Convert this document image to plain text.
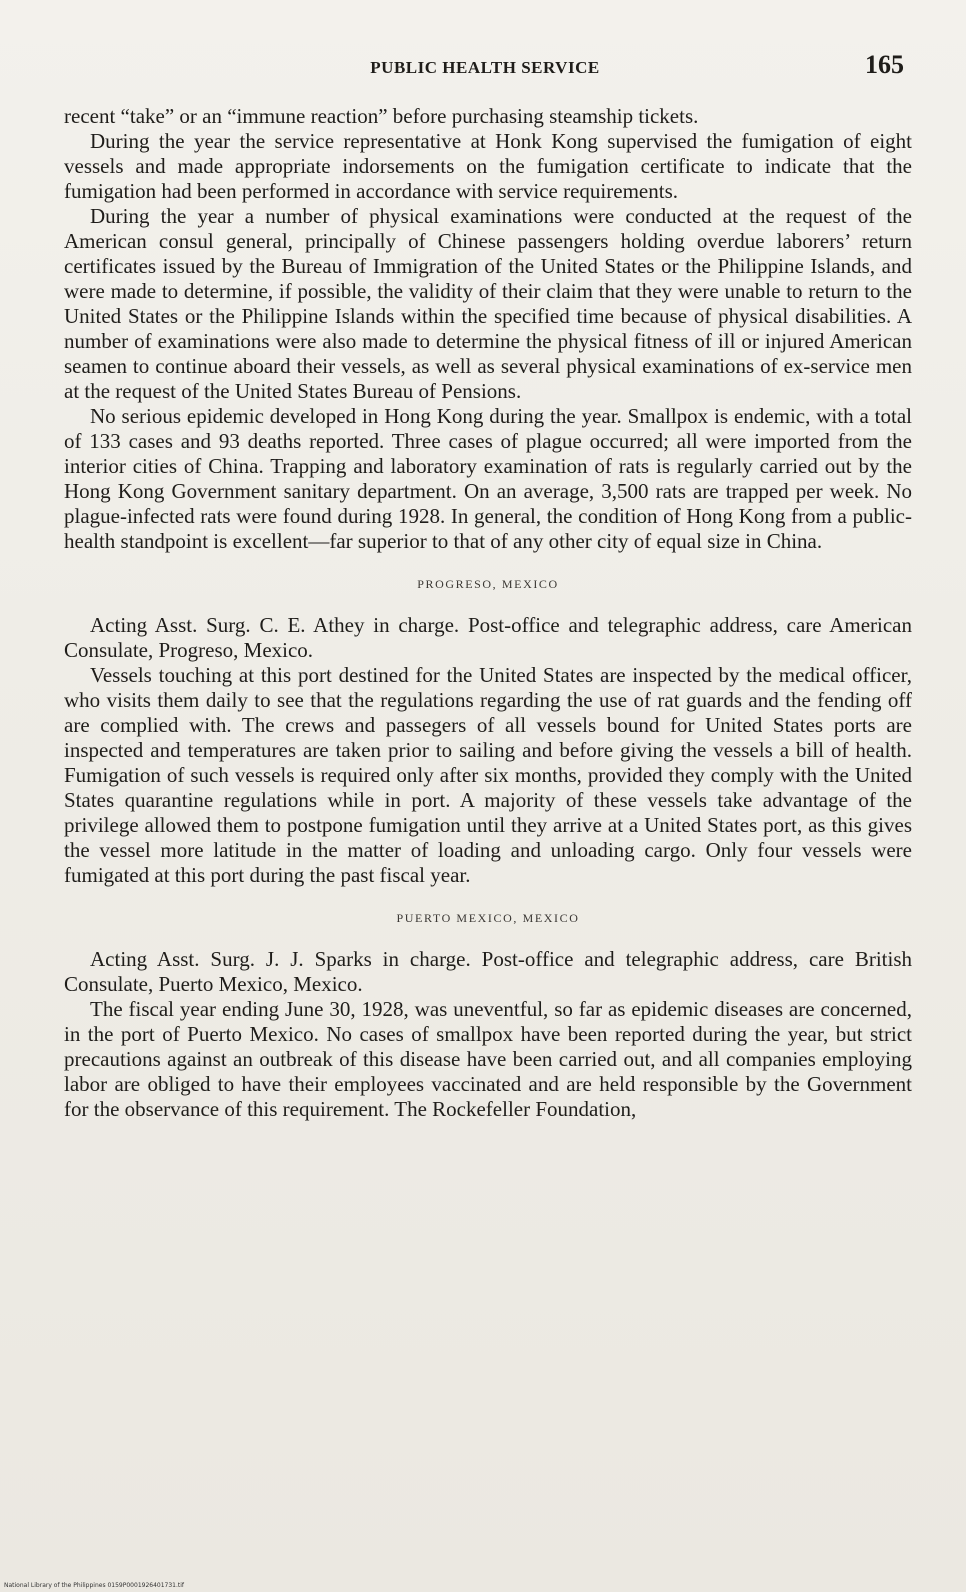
PUBLIC HEALTH SERVICE	165

recent “take” or an “immune reaction” before purchasing steamship tickets.

During the year the service representative at Honk Kong supervised the fumigation of eight vessels and made appropriate indorsements on the fumigation certificate to indicate that the fumigation had been performed in accordance with service requirements.

During the year a number of physical examinations were conducted at the request of the American consul general, principally of Chinese passengers holding overdue laborers’ return certificates issued by the Bureau of Immigration of the United States or the Philippine Islands, and were made to determine, if possible, the validity of their claim that they were unable to return to the United States or the Philippine Islands within the specified time because of physical disabilities. A number of examinations were also made to determine the physical fitness of ill or injured American seamen to continue aboard their vessels, as well as several physical examinations of ex-service men at the request of the United States Bureau of Pensions.

No serious epidemic developed in Hong Kong during the year. Smallpox is endemic, with a total of 133 cases and 93 deaths reported. Three cases of plague occurred; all were imported from the interior cities of China. Trapping and laboratory examination of rats is regularly carried out by the Hong Kong Government sanitary department. On an average, 3,500 rats are trapped per week. No plague-infected rats were found during 1928. In general, the condition of Hong Kong from a public-health standpoint is excellent—far superior to that of any other city of equal size in China.

PROGRESO, MEXICO

Acting Asst. Surg. C. E. Athey in charge. Post-office and telegraphic address, care American Consulate, Progreso, Mexico.

Vessels touching at this port destined for the United States are inspected by the medical officer, who visits them daily to see that the regulations regarding the use of rat guards and the fending off are complied with. The crews and passegers of all vessels bound for United States ports are inspected and temperatures are taken prior to sailing and before giving the vessels a bill of health. Fumigation of such vessels is required only after six months, provided they comply with the United States quarantine regulations while in port. A majority of these vessels take advantage of the privilege allowed them to postpone fumigation until they arrive at a United States port, as this gives the vessel more latitude in the matter of loading and unloading cargo. Only four vessels were fumigated at this port during the past fiscal year.

PUERTO MEXICO, MEXICO

Acting Asst. Surg. J. J. Sparks in charge. Post-office and telegraphic address, care British Consulate, Puerto Mexico, Mexico.

The fiscal year ending June 30, 1928, was uneventful, so far as epidemic diseases are concerned, in the port of Puerto Mexico. No cases of smallpox have been reported during the year, but strict precautions against an outbreak of this disease have been carried out, and all companies employing labor are obliged to have their employees vaccinated and are held responsible by the Government for the observance of this requirement. The Rockefeller Foundation,

National Library of the Philippines 0159P0001926401731.tif
